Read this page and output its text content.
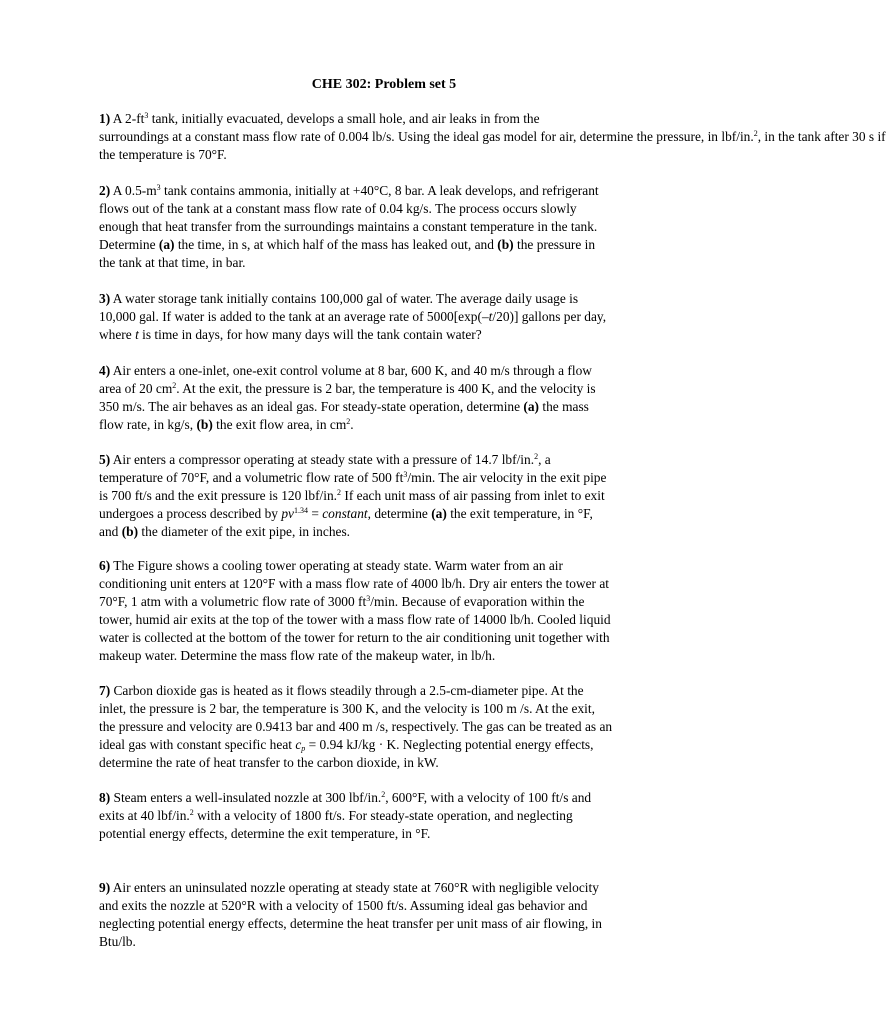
CHE 302: Problem set 5
1) A $2-ft^3$ tank, initially evacuated, develops a small hole, and air leaks in from the
surroundings at a constant mass flow rate of 0.004 lb/s. Using the ideal gas model for air, determine the pressure, in lbf/in.$^2$, in the tank after 30 s if
the temperature is 70°F.
2) A $0.5-m^3$ tank contains ammonia, initially at +40°C, 8 bar. A leak develops, and refrigerant
flows out of the tank at a constant mass flow rate of 0.04 kg/s. The process occurs slowly
enough that heat transfer from the surroundings maintains a constant temperature in the tank.
Determine (a) the time, in s, at which half of the mass has leaked out, and (b) the pressure in
the tank at that time, in bar.
3) A water storage tank initially contains 100,000 gal of water. The average daily usage is
10,000 gal. If water is added to the tank at an average rate of 5000[exp(–t/20)] gallons per day,
where t is time in days, for how many days will the tank contain water?
4) Air enters a one-inlet, one-exit control volume at 8 bar, 600 K, and 40 m/s through a flow
area of 20 $cm^2$. At the exit, the pressure is 2 bar, the temperature is 400 K, and the velocity is
350 m/s. The air behaves as an ideal gas. For steady-state operation, determine (a) the mass
flow rate, in kg/s, (b) the exit flow area, in $cm^2$.
5) Air enters a compressor operating at steady state with a pressure of 14.7 lbf/in.$^2$, a
temperature of 70°F, and a volumetric flow rate of 500 $ft^3/\min$. The air velocity in the exit pipe
is 700 ft/s and the exit pressure is 120 lbf/in.$^2$ If each unit mass of air passing from inlet to exit
undergoes a process described by $pv^{1.34}$ = constant, determine (a) the exit temperature, in °F,
and (b) the diameter of the exit pipe, in inches.
6) The Figure shows a cooling tower operating at steady state. Warm water from an air
conditioning unit enters at 120°F with a mass flow rate of 4000 lb/h. Dry air enters the tower at
70°F, 1 atm with a volumetric flow rate of 3000 $ft^3/\min$. Because of evaporation within the
tower, humid air exits at the top of the tower with a mass flow rate of 14000 lb/h. Cooled liquid
water is collected at the bottom of the tower for return to the air conditioning unit together with
makeup water. Determine the mass flow rate of the makeup water, in lb/h.
7) Carbon dioxide gas is heated as it flows steadily through a 2.5-cm-diameter pipe. At the
inlet, the pressure is 2 bar, the temperature is 300 K, and the velocity is 100 m /s. At the exit,
the pressure and velocity are 0.9413 bar and 400 m /s, respectively. The gas can be treated as an
ideal gas with constant specific heat $c_p = 0.94$ kJ/kg · K. Neglecting potential energy effects,
determine the rate of heat transfer to the carbon dioxide, in kW.
8) Steam enters a well-insulated nozzle at 300 lbf/in.$^2$, 600°F, with a velocity of 100 ft/s and
exits at 40 lbf/in.$^2$ with a velocity of 1800 ft/s. For steady-state operation, and neglecting
potential energy effects, determine the exit temperature, in °F.
9) Air enters an uninsulated nozzle operating at steady state at 760°R with negligible velocity
and exits the nozzle at 520°R with a velocity of 1500 ft/s. Assuming ideal gas behavior and
neglecting potential energy effects, determine the heat transfer per unit mass of air flowing, in
Btu/lb.
